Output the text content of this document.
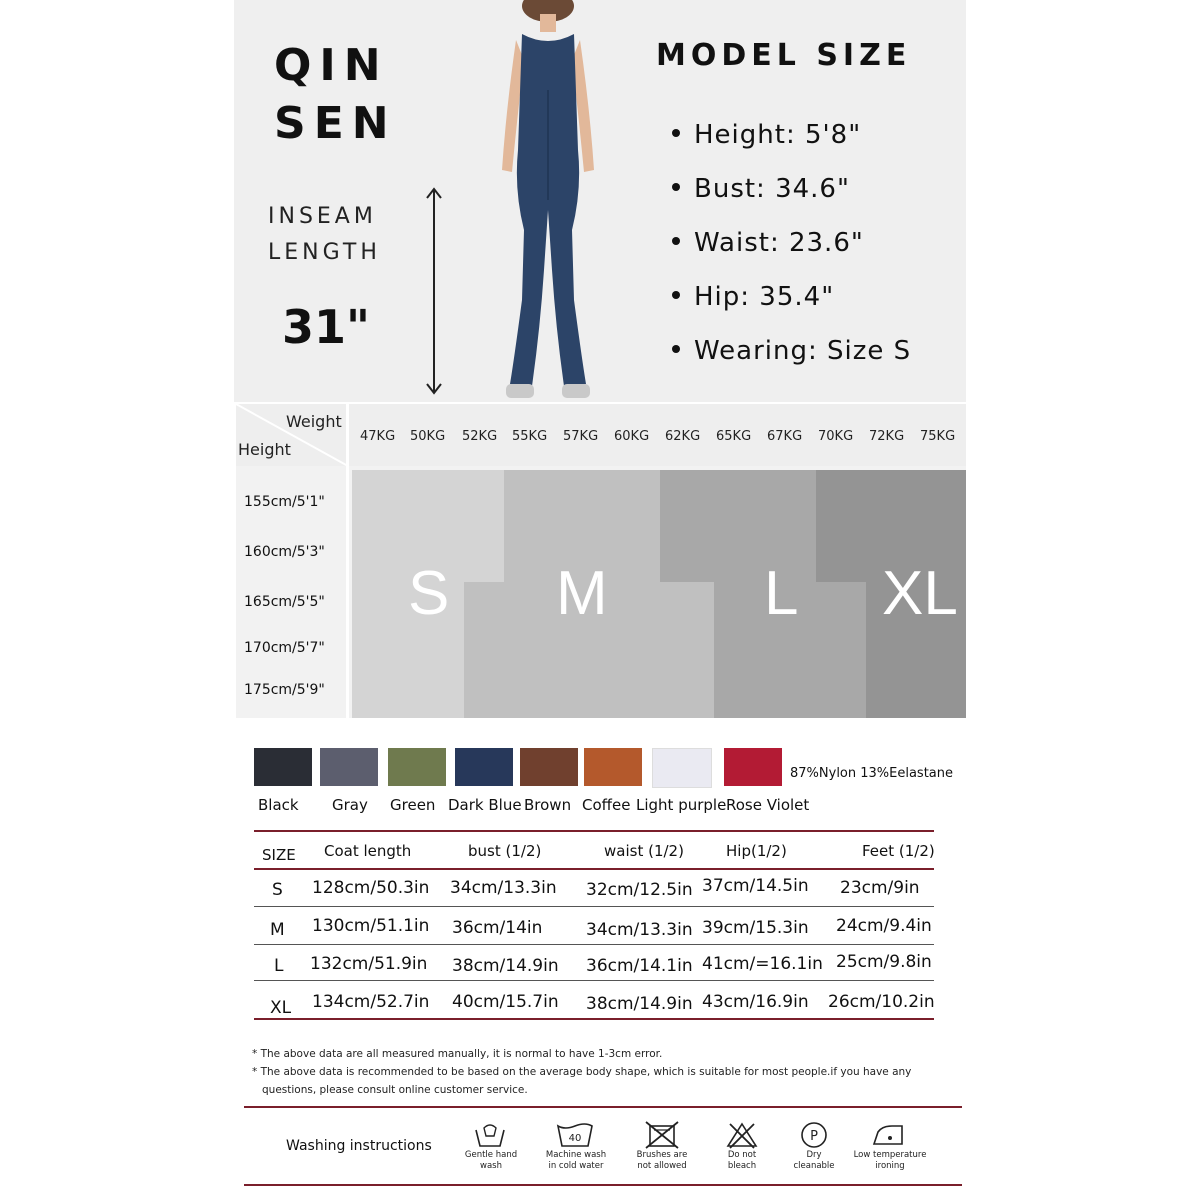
QIN
SEN
INSEAM
LENGTH
31"
MODEL SIZE
Height: 5'8"
Bust: 34.6"
Waist: 23.6"
Hip: 35.4"
Wearing: Size S
Weight
Height
47KG 50KG 52KG 55KG 57KG 60KG 62KG 65KG 67KG 70KG 72KG 75KG
155cm/5'1"
160cm/5'3"
165cm/5'5"
170cm/5'7"
175cm/5'9"
S M	L XL
Black Gray Green Dark Blue Brown Coffee Light purple Rose Violet
87%Nylon 13%Eelastane
SIZE Coat length	bust (1/2)	waist (1/2)	Hip(1/2)	Feet (1/2)
S 128cm/50.3in 34cm/13.3in 32cm/12.5in 37cm/14.5in 23cm/9in
M 130cm/51.1in 36cm/14in	34cm/13.3in 39cm/15.3in 24cm/9.4in
L 132cm/51.9in 38cm/14.9in 36cm/14.1in 41cm/=16.1in 25cm/9.8in
XL 134cm/52.7in 40cm/15.7in 38cm/14.9in 43cm/16.9in 26cm/10.2in
* The above data are all measured manually, it is normal to have 1-3cm error.
* The above data is recommended to be based on the average body shape, which is suitable for most people.if you have any
questions, please consult online customer service.
Washing instructions	40	P
Gentle hand
wash
Machine wash
in cold water
Brushes are
not allowed
Do not
bleach
Dry
cleanable
Low temperature
ironing
